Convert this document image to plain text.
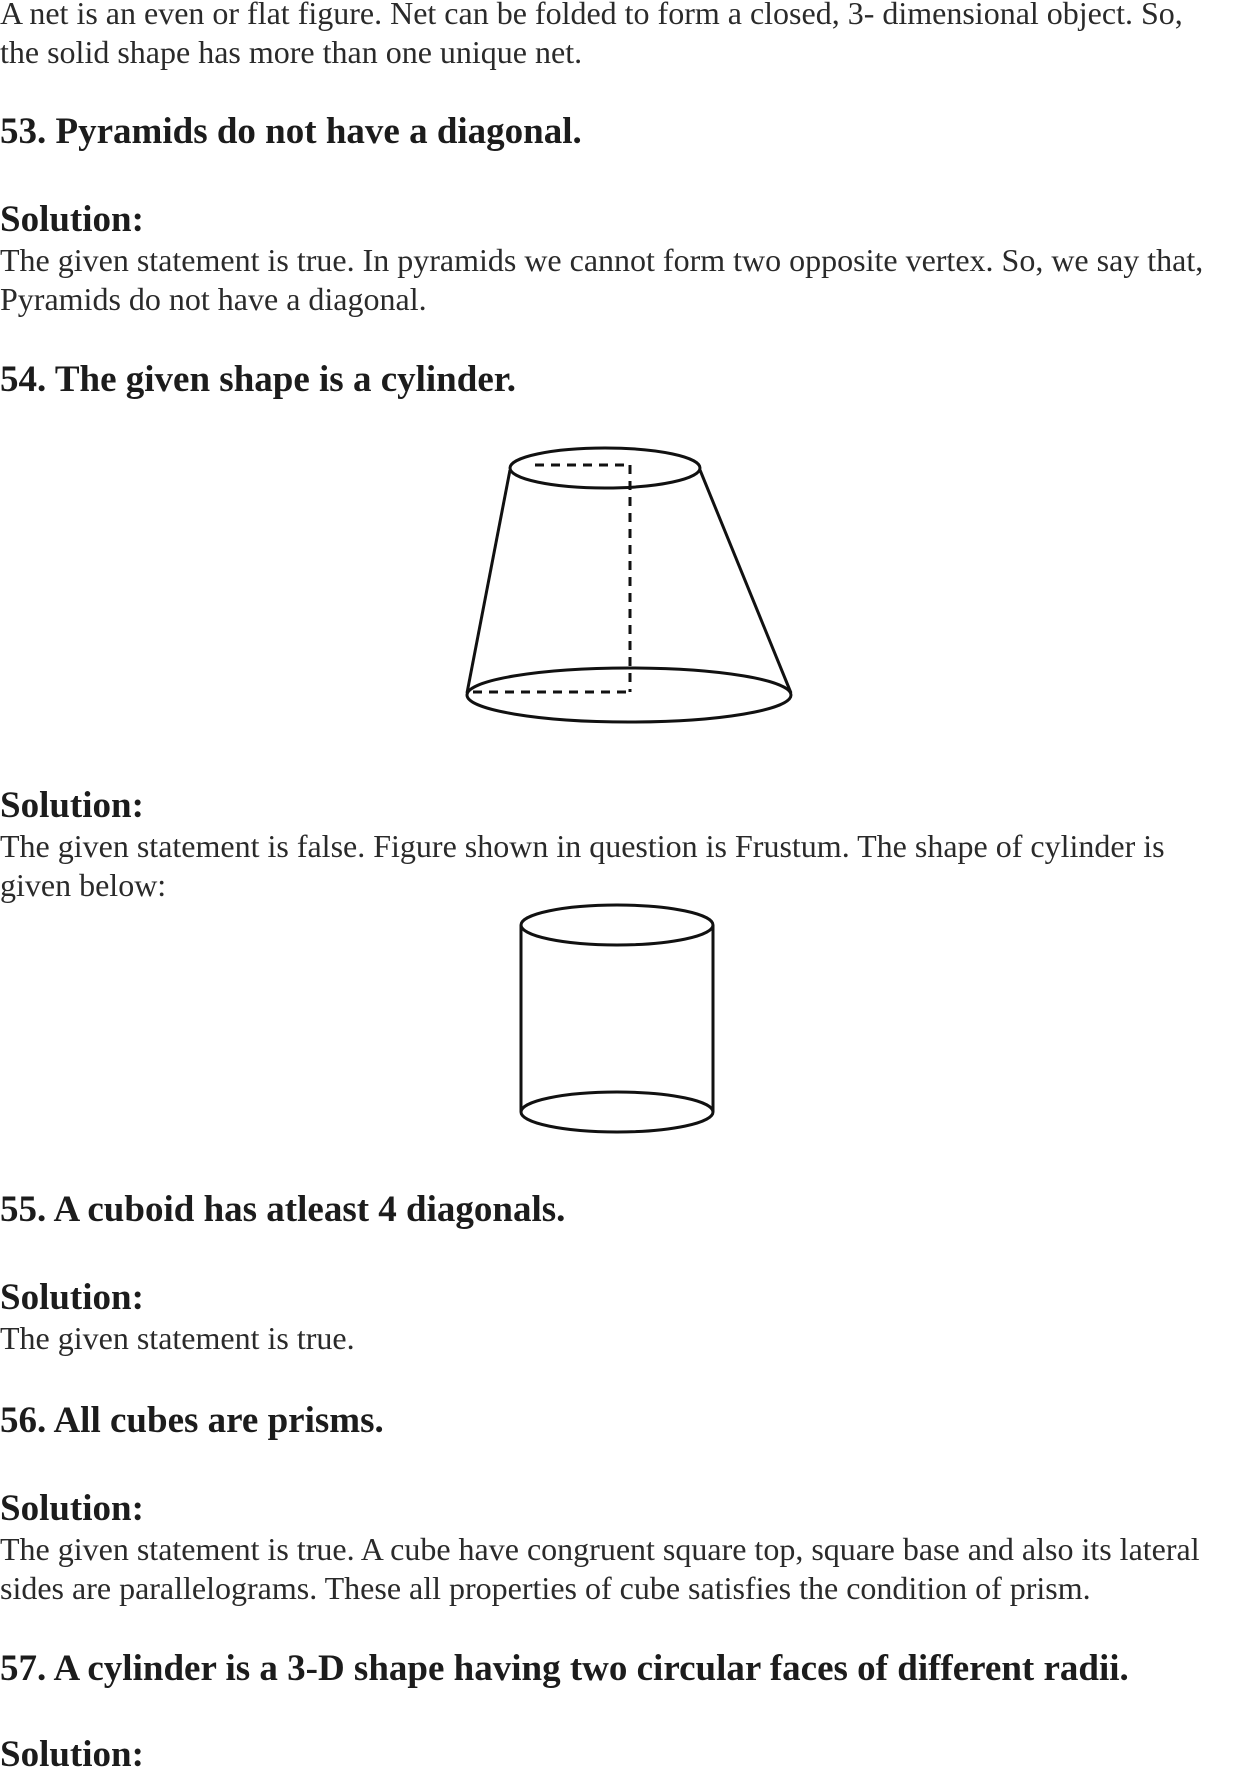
A net is an even or flat figure. Net can be folded to form a closed, 3- dimensional object. So, the solid shape has more than one unique net.

53. Pyramids do not have a diagonal.

Solution:

The given statement is true. In pyramids we cannot form two opposite vertex. So, we say that, Pyramids do not have a diagonal.

54. The given shape is a cylinder.

Solution:

The given statement is false. Figure shown in question is Frustum. The shape of cylinder is given below:

55. A cuboid has atleast 4 diagonals.

Solution:

The given statement is true.

56. All cubes are prisms.

Solution:

The given statement is true. A cube have congruent square top, square base and also its lateral sides are parallelograms. These all properties of cube satisfies the condition of prism.

57. A cylinder is a 3-D shape having two circular faces of different radii.

Solution:
